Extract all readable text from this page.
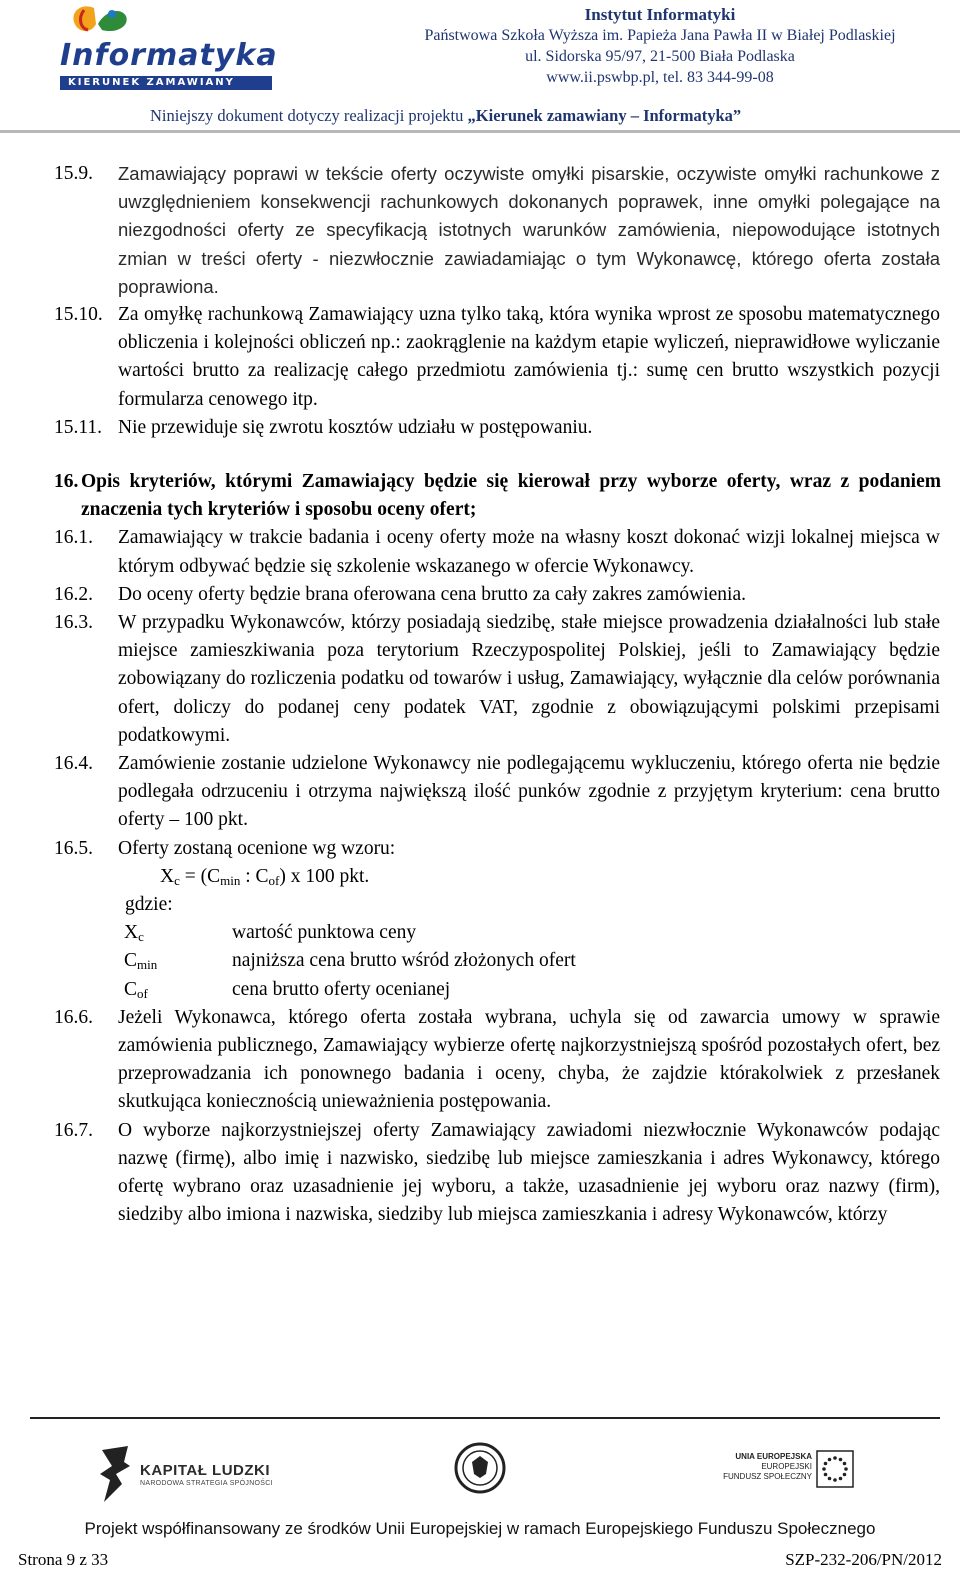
Informatyka
KIERUNEK ZAMAWIANY
Instytut Informatyki
Państwowa Szkoła Wyższa im. Papieża Jana Pawła II w Białej Podlaskiej
ul. Sidorska 95/97, 21-500 Biała Podlaska
www.ii.pswbp.pl, tel. 83 344-99-08
Niniejszy dokument dotyczy realizacji projektu „Kierunek zamawiany – Informatyka”
15.9. Zamawiający poprawi w tekście oferty oczywiste omyłki pisarskie, oczywiste omyłki rachunkowe z uwzględnieniem konsekwencji rachunkowych dokonanych poprawek, inne omyłki polegające na niezgodności oferty ze specyfikacją istotnych warunków zamówienia, niepowodujące istotnych zmian w treści oferty - niezwłocznie zawiadamiając o tym Wykonawcę, którego oferta została poprawiona.
15.10. Za omyłkę rachunkową Zamawiający uzna tylko taką, która wynika wprost ze sposobu matematycznego obliczenia i kolejności obliczeń np.: zaokrąglenie na każdym etapie wyliczeń, nieprawidłowe wyliczanie wartości brutto za realizację całego przedmiotu zamówienia tj.: sumę cen brutto wszystkich pozycji formularza cenowego itp.
15.11. Nie przewiduje się zwrotu kosztów udziału w postępowaniu.
16. Opis kryteriów, którymi Zamawiający będzie się kierował przy wyborze oferty, wraz z podaniem znaczenia tych kryteriów i sposobu oceny ofert;
16.1. Zamawiający w trakcie badania i oceny oferty może na własny koszt dokonać wizji lokalnej miejsca w którym odbywać będzie się szkolenie wskazanego w ofercie Wykonawcy.
16.2. Do oceny oferty będzie brana oferowana cena brutto za cały zakres zamówienia.
16.3. W przypadku Wykonawców, którzy posiadają siedzibę, stałe miejsce prowadzenia działalności lub stałe miejsce zamieszkiwania poza terytorium Rzeczypospolitej Polskiej, jeśli to Zamawiający będzie zobowiązany do rozliczenia podatku od towarów i usług, Zamawiający, wyłącznie dla celów porównania ofert, doliczy do podanej ceny podatek VAT, zgodnie z obowiązującymi polskimi przepisami podatkowymi.
16.4. Zamówienie zostanie udzielone Wykonawcy nie podlegającemu wykluczeniu, którego oferta nie będzie podlegała odrzuceniu i otrzyma największą ilość punków zgodnie z przyjętym kryterium: cena brutto oferty – 100 pkt.
16.5. Oferty zostaną ocenione wg wzoru:
$X_c = (C_{min}$ : $C_{of}$) x 100 pkt.
gdzie:
$X_c$	wartość punktowa ceny
$C_{min}$	najniższa cena brutto wśród złożonych ofert
$C_{of}$	cena brutto oferty ocenianej
16.6. Jeżeli Wykonawca, którego oferta została wybrana, uchyla się od zawarcia umowy w sprawie zamówienia publicznego, Zamawiający wybierze ofertę najkorzystniejszą spośród pozostałych ofert, bez przeprowadzania ich ponownego badania i oceny, chyba, że zajdzie którakolwiek z przesłanek skutkująca koniecznością unieważnienia postępowania.
16.7. O wyborze najkorzystniejszej oferty Zamawiający zawiadomi niezwłocznie Wykonawców podając nazwę (firmę), albo imię i nazwisko, siedzibę lub miejsce zamieszkania i adres Wykonawcy, którego ofertę wybrano oraz uzasadnienie jej wyboru, a także, uzasadnienie jej wyboru oraz nazwy (firm), siedziby albo imiona i nazwiska, siedziby lub miejsca zamieszkania i adresy Wykonawców, którzy
KAPITAŁ LUDZKI
NARODOWA STRATEGIA SPÓJNOŚCI
UNIA EUROPEJSKA
EUROPEJSKI
FUNDUSZ SPOŁECZNY
Projekt współfinansowany ze środków Unii Europejskiej w ramach Europejskiego Funduszu Społecznego
Strona 9 z 33	SZP-232-206/PN/2012
